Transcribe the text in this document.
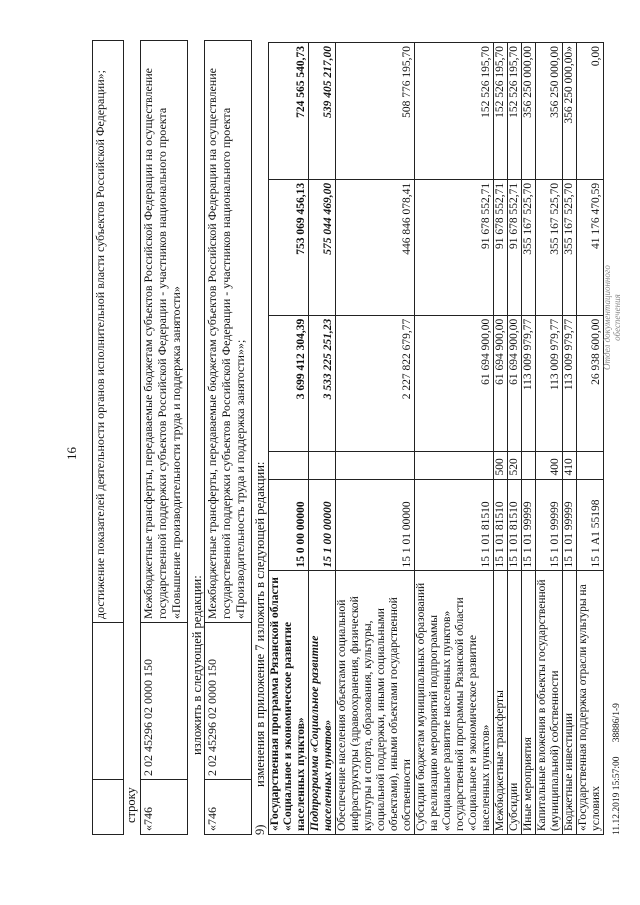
16
		достижение показателей деятельности органов исполнительной власти субъектов Российской Федерации»;
строку «746	2 02 45296 02 0000 150	Межбюджетные трансферты, передаваемые бюджетам субъектов Российской Федерации на осуществление государственной поддержки субъектов Российской Федерации - участников национального проекта «Повышение производительности труда и поддержка занятости»
изложить в следующей редакции:
«746	2 02 45296 02 0000 150	Межбюджетные трансферты, передаваемые бюджетам субъектов Российской Федерации на осуществление государственной поддержки субъектов Российской Федерации - участников национального проекта «Производительность труда и поддержка занятости»»;
9)
изменения в приложение 7 изложить в следующей редакции: «Государственная программа Рязанской области «Социальное и экономическое развитие населенных пунктов»	15 0 00 00000		3 699 412 304,39	753 069 456,13	724 565 540,73
Подпрограмма «Социальное развитие населенных пунктов»	15 1 00 00000		3 533 225 251,23	575 044 469,00	539 405 217,00
Обеспечение населения объектами социальной инфраструктуры (здравоохранения, физической культуры и спорта, образования, культуры, социальной поддержки, иными социальными объектами), иными объектами государственной собственности	15 1 01 00000		2 227 822 679,77	446 846 078,41	508 776 195,70
Субсидии бюджетам муниципальных образований на реализацию мероприятий подпрограммы «Социальное развитие населенных пунктов» государственной программы Рязанской области «Социальное и экономическое развитие населенных пунктов»	15 1 01 81510		61 694 900,00	91 678 552,71	152 526 195,70
Межбюджетные трансферты	15 1 01 81510	500	61 694 900,00	91 678 552,71	152 526 195,70
Субсидии	15 1 01 81510	520	61 694 900,00	91 678 552,71	152 526 195,70
Иные мероприятия	15 1 01 99999		113 009 979,77	355 167 525,70	356 250 000,00
Капитальные вложения в объекты государственной (муниципальной) собственности	15 1 01 99999	400	113 009 979,77	355 167 525,70	356 250 000,00
Бюджетные инвестиции	15 1 01 99999	410	113 009 979,77	355 167 525,70	356 250 000,00»
«Государственная поддержка отрасли культуры на условиях	15 1 A1 55198		26 938 600,00	41 176 470,59	0,00
11.12.2019 15:57:00      38886/1-9
Отдел документационного обеспечения
